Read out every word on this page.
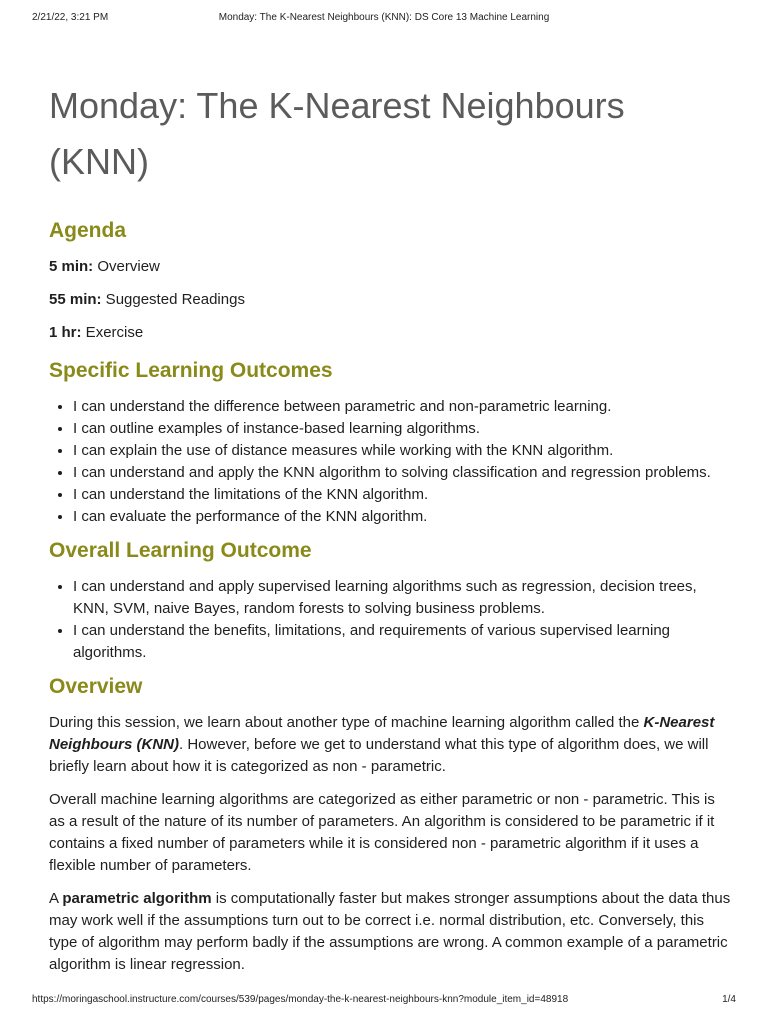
2/21/22, 3:21 PM	Monday: The K-Nearest Neighbours (KNN): DS Core 13 Machine Learning
Monday: The K-Nearest Neighbours (KNN)
Agenda

5 min: Overview

55 min: Suggested Readings

1 hr: Exercise

Specific Learning Outcomes
• I can understand the difference between parametric and non-parametric learning.
• I can outline examples of instance-based learning algorithms.
• I can explain the use of distance measures while working with the KNN algorithm.
• I can understand and apply the KNN algorithm to solving classification and regression problems.
• I can understand the limitations of the KNN algorithm.
• I can evaluate the performance of the KNN algorithm.
Overall Learning Outcome
• I can understand and apply supervised learning algorithms such as regression, decision trees, KNN, SVM, naive Bayes, random forests to solving business problems.
• I can understand the benefits, limitations, and requirements of various supervised learning algorithms.
Overview

During this session, we learn about another type of machine learning algorithm called the K-Nearest Neighbours (KNN). However, before we get to understand what this type of algorithm does, we will briefly learn about how it is categorized as non - parametric.

Overall machine learning algorithms are categorized as either parametric or non - parametric. This is as a result of the nature of its number of parameters. An algorithm is considered to be parametric if it contains a fixed number of parameters while it is considered non - parametric algorithm if it uses a flexible number of parameters.

A parametric algorithm is computationally faster but makes stronger assumptions about the data thus may work well if the assumptions turn out to be correct i.e. normal distribution, etc. Conversely, this type of algorithm may perform badly if the assumptions are wrong. A common example of a parametric algorithm is linear regression.

https://moringaschool.instructure.com/courses/539/pages/monday-the-k-nearest-neighbours-knn?module_item_id=48918	1/4
